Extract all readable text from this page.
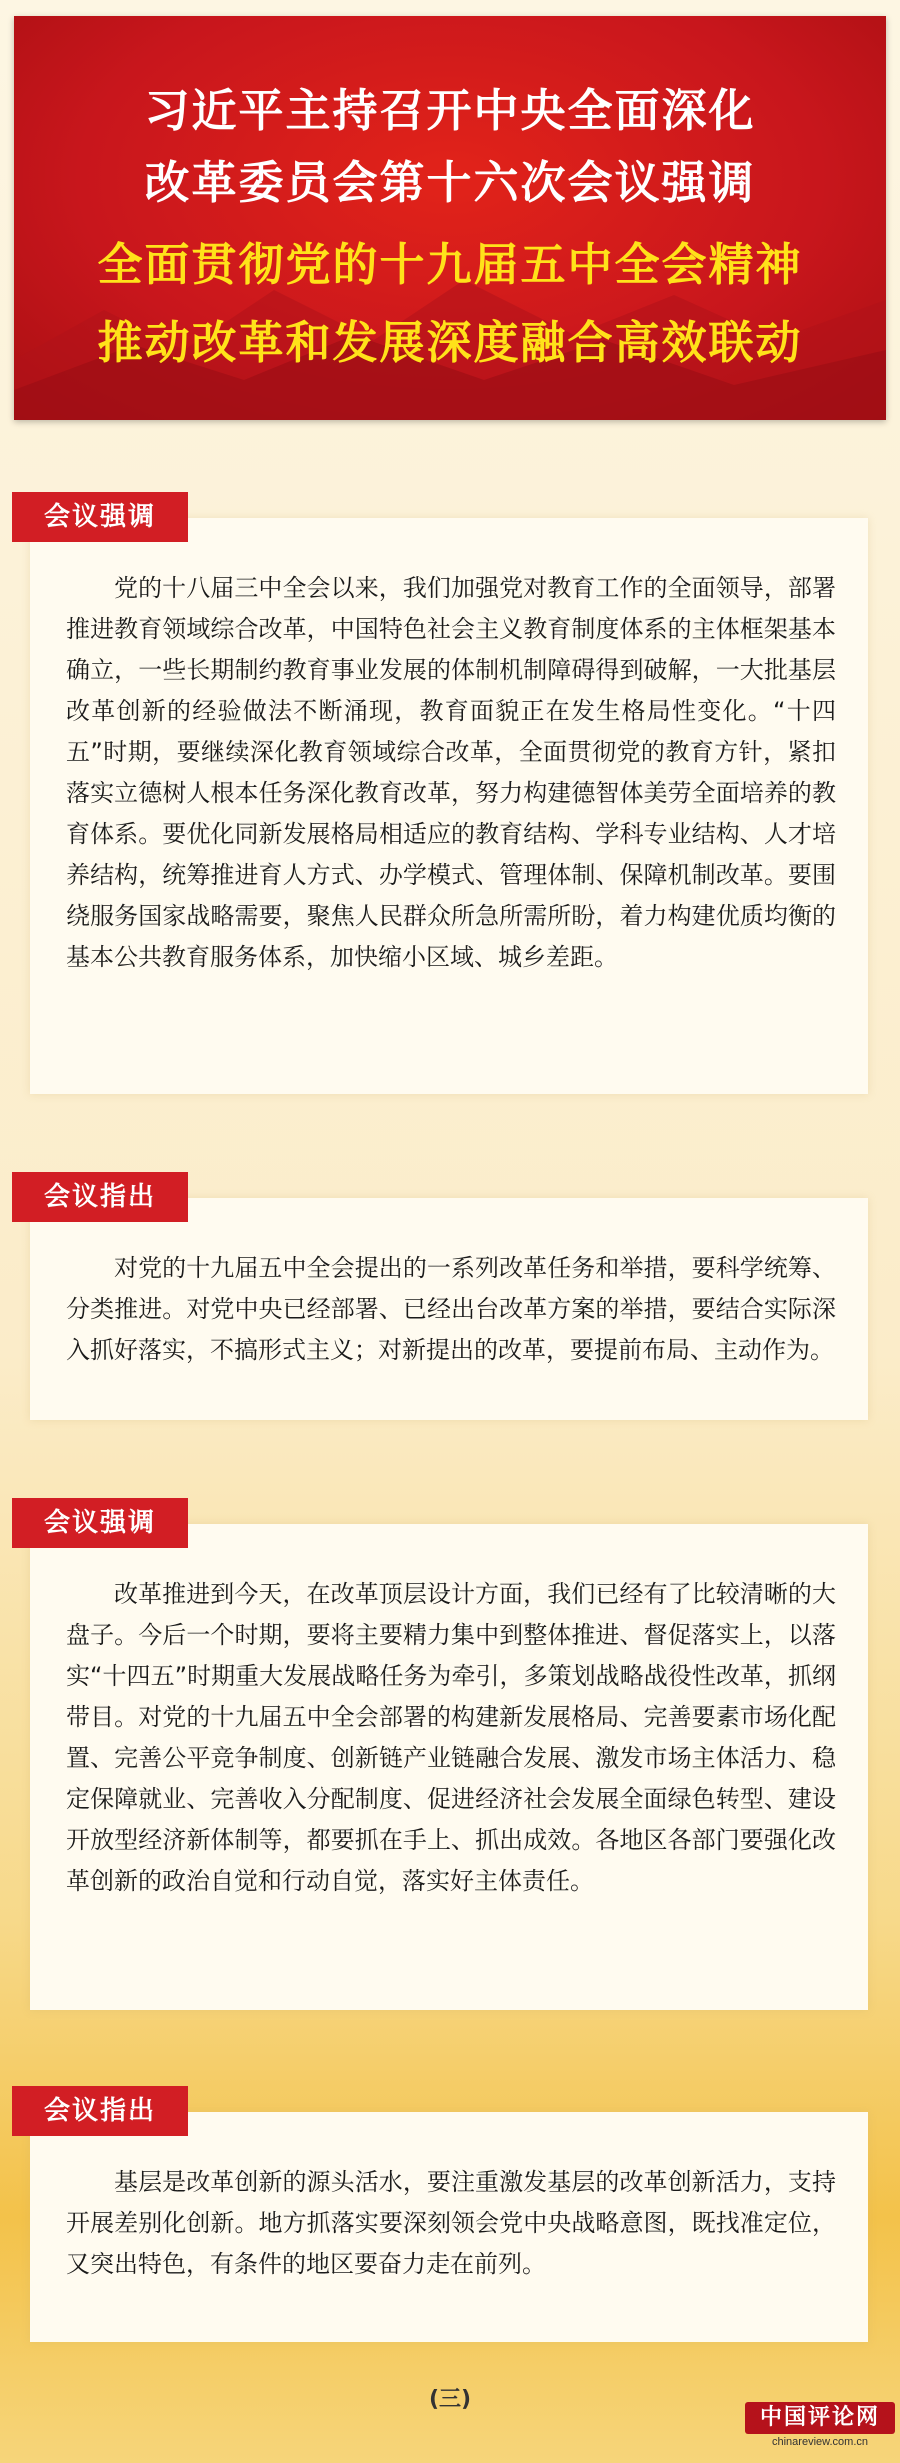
习近平主持召开中央全面深化
改革委员会第十六次会议强调
全面贯彻党的十九届五中全会精神
推动改革和发展深度融合高效联动
会议强调
党的十八届三中全会以来，我们加强党对教育工作的全面领导，部署推进教育领域综合改革，中国特色社会主义教育制度体系的主体框架基本确立，一些长期制约教育事业发展的体制机制障碍得到破解，一大批基层改革创新的经验做法不断涌现，教育面貌正在发生格局性变化。“十四五”时期，要继续深化教育领域综合改革，全面贯彻党的教育方针，紧扣落实立德树人根本任务深化教育改革，努力构建德智体美劳全面培养的教育体系。要优化同新发展格局相适应的教育结构、学科专业结构、人才培养结构，统筹推进育人方式、办学模式、管理体制、保障机制改革。要围绕服务国家战略需要，聚焦人民群众所急所需所盼，着力构建优质均衡的基本公共教育服务体系，加快缩小区域、城乡差距。
会议指出
对党的十九届五中全会提出的一系列改革任务和举措，要科学统筹、分类推进。对党中央已经部署、已经出台改革方案的举措，要结合实际深入抓好落实，不搞形式主义；对新提出的改革，要提前布局、主动作为。
会议强调
改革推进到今天，在改革顶层设计方面，我们已经有了比较清晰的大盘子。今后一个时期，要将主要精力集中到整体推进、督促落实上，以落实“十四五”时期重大发展战略任务为牵引，多策划战略战役性改革，抓纲带目。对党的十九届五中全会部署的构建新发展格局、完善要素市场化配置、完善公平竞争制度、创新链产业链融合发展、激发市场主体活力、稳定保障就业、完善收入分配制度、促进经济社会发展全面绿色转型、建设开放型经济新体制等，都要抓在手上、抓出成效。各地区各部门要强化改革创新的政治自觉和行动自觉，落实好主体责任。
会议指出
基层是改革创新的源头活水，要注重激发基层的改革创新活力，支持开展差别化创新。地方抓落实要深刻领会党中央战略意图，既找准定位，又突出特色，有条件的地区要奋力走在前列。
(三)
中国评论网
chinareview.com.cn
